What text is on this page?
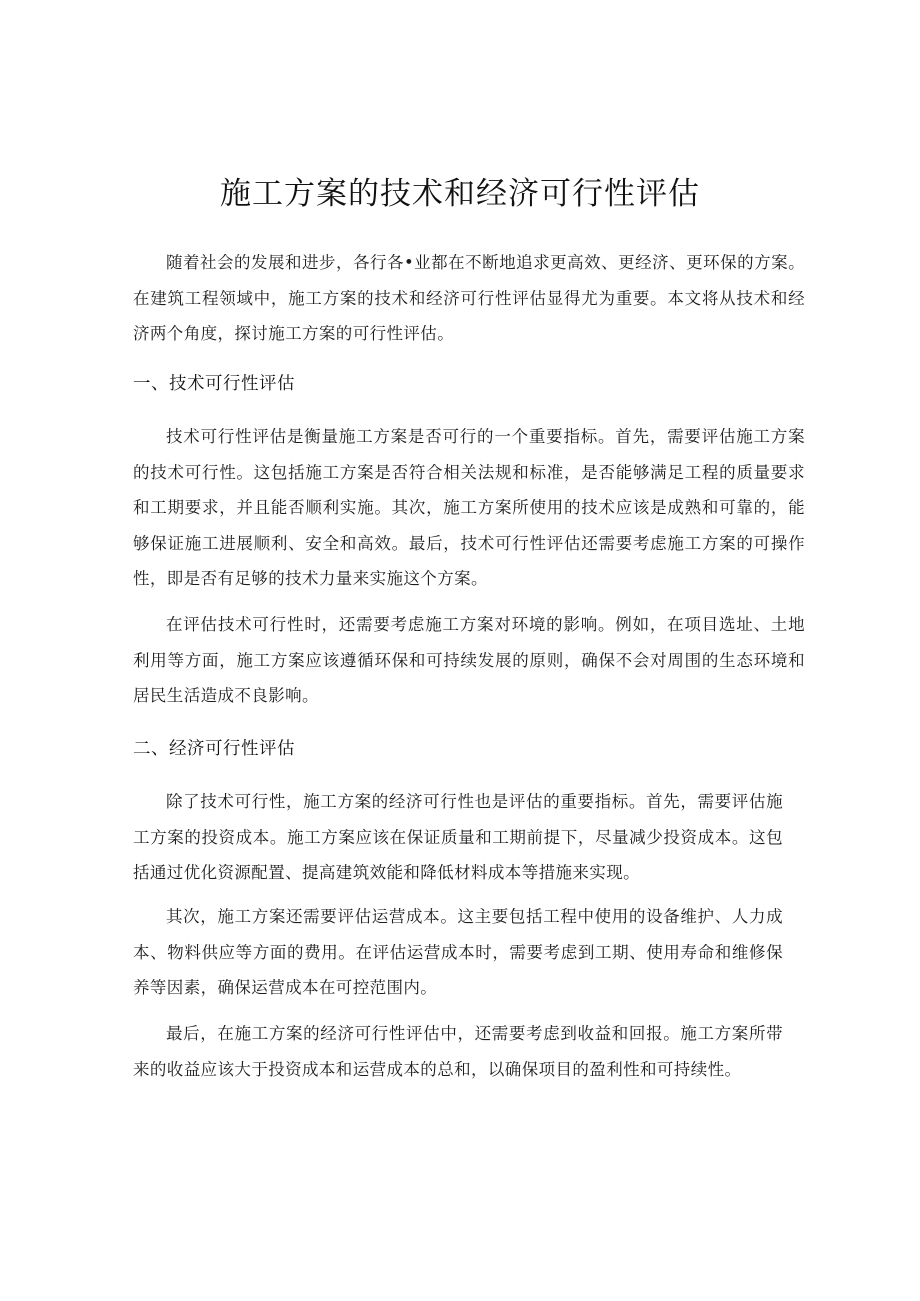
施工方案的技术和经济可行性评估

随着社会的发展和进步，各行各•业都在不断地追求更高效、更经济、更环保的方案。在建筑工程领域中，施工方案的技术和经济可行性评估显得尤为重要。本文将从技术和经济两个角度，探讨施工方案的可行性评估。

一、技术可行性评估

技术可行性评估是衡量施工方案是否可行的一个重要指标。首先，需要评估施工方案的技术可行性。这包括施工方案是否符合相关法规和标准，是否能够满足工程的质量要求和工期要求，并且能否顺利实施。其次，施工方案所使用的技术应该是成熟和可靠的，能够保证施工进展顺利、安全和高效。最后，技术可行性评估还需要考虑施工方案的可操作性，即是否有足够的技术力量来实施这个方案。

在评估技术可行性时，还需要考虑施工方案对环境的影响。例如，在项目选址、土地利用等方面，施工方案应该遵循环保和可持续发展的原则，确保不会对周围的生态环境和居民生活造成不良影响。

二、经济可行性评估

除了技术可行性，施工方案的经济可行性也是评估的重要指标。首先，需要评估施工方案的投资成本。施工方案应该在保证质量和工期前提下，尽量减少投资成本。这包括通过优化资源配置、提高建筑效能和降低材料成本等措施来实现。

其次，施工方案还需要评估运营成本。这主要包括工程中使用的设备维护、人力成本、物料供应等方面的费用。在评估运营成本时，需要考虑到工期、使用寿命和维修保养等因素，确保运营成本在可控范围内。

最后，在施工方案的经济可行性评估中，还需要考虑到收益和回报。施工方案所带来的收益应该大于投资成本和运营成本的总和，以确保项目的盈利性和可持续性。
